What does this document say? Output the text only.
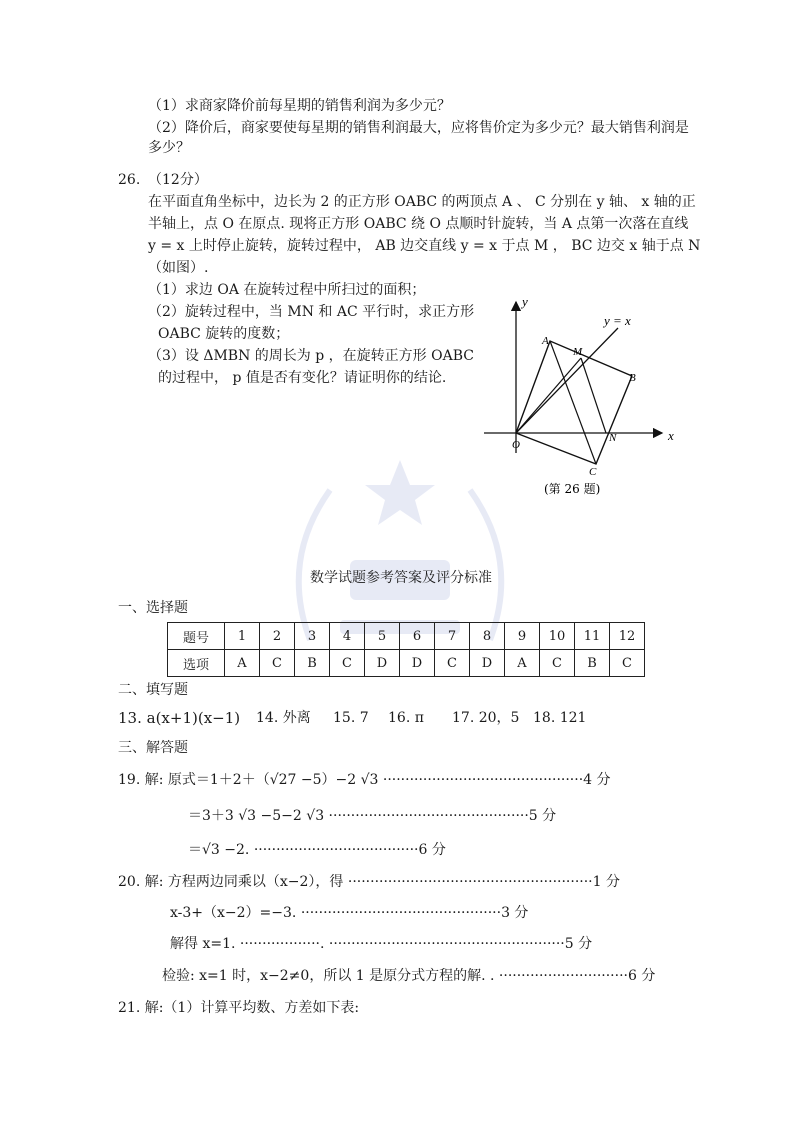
（1）求商家降价前每星期的销售利润为多少元？
（2）降价后，商家要使每星期的销售利润最大，应将售价定为多少元？最大销售利润是
多少？
26. （12分）
在平面直角坐标中，边长为 2 的正方形 OABC 的两顶点 A 、 C 分别在 y 轴、 x 轴的正
半轴上，点 O 在原点. 现将正方形 OABC 绕 O 点顺时针旋转，当 A 点第一次落在直线
y = x 上时停止旋转，旋转过程中， AB 边交直线 y = x 于点 M ， BC 边交 x 轴于点 N
（如图）.
（1）求边 OA 在旋转过程中所扫过的面积；
（2）旋转过程中，当 MN 和 AC 平行时，求正方形
OABC 旋转的度数；
（3）设 ΔMBN 的周长为 p ，在旋转正方形 OABC
的过程中， p 值是否有变化？请证明你的结论.
y
x
y = x
A
M
B
O
N
C
(第 26 题)
数学试题参考答案及评分标准
一、选择题
题号	1	2	3	4	5	6	7	8	9	10	11	12
选项	A	C	B	C	D	D	C	D	A	C	B	C
二、填写题
13. a(x+1)(x−1) 14. 外离 15. 7 16. π 17. 20，5 18. 121
三、解答题
19. 解: 原式＝1＋2＋（√27 −5）−2 √3 ·············································4 分
＝3＋3 √3 −5−2 √3 ·············································5 分
＝√3 −2. ·····································6 分
20. 解: 方程两边同乘以（x−2），得 ·······················································1 分
x-3+（x−2）=−3. ·············································3 分
解得 x=1. ··················. ·····················································5 分
检验: x=1 时，x−2≠0，所以 1 是原分式方程的解. . ·····························6 分
21. 解:（1）计算平均数、方差如下表:
